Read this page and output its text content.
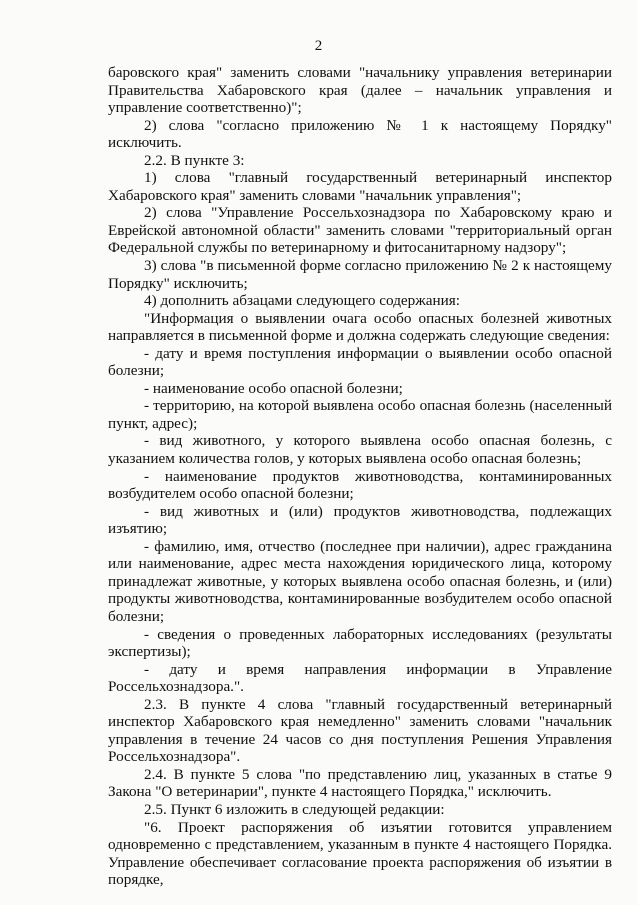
2

баровского края" заменить словами "начальнику управления ветеринарии Правительства Хабаровского края (далее – начальник управления и управление соответственно)";

2) слова "согласно приложению № 1 к настоящему Порядку" исключить.

2.2. В пункте 3:

1) слова "главный государственный ветеринарный инспектор Хабаровского края" заменить словами "начальник управления";

2) слова "Управление Россельхознадзора по Хабаровскому краю и Еврейской автономной области" заменить словами "территориальный орган Федеральной службы по ветеринарному и фитосанитарному надзору";

3) слова "в письменной форме согласно приложению № 2 к настоящему Порядку" исключить;

4) дополнить абзацами следующего содержания:

"Информация о выявлении очага особо опасных болезней животных направляется в письменной форме и должна содержать следующие сведения:

- дату и время поступления информации о выявлении особо опасной болезни;

- наименование особо опасной болезни;

- территорию, на которой выявлена особо опасная болезнь (населенный пункт, адрес);

- вид животного, у которого выявлена особо опасная болезнь, с указанием количества голов, у которых выявлена особо опасная болезнь;

- наименование продуктов животноводства, контаминированных возбудителем особо опасной болезни;

- вид животных и (или) продуктов животноводства, подлежащих изъятию;

- фамилию, имя, отчество (последнее при наличии), адрес гражданина или наименование, адрес места нахождения юридического лица, которому принадлежат животные, у которых выявлена особо опасная болезнь, и (или) продукты животноводства, контаминированные возбудителем особо опасной болезни;

- сведения о проведенных лабораторных исследованиях (результаты экспертизы);

- дату и время направления информации в Управление Россельхознадзора.".

2.3. В пункте 4 слова "главный государственный ветеринарный инспектор Хабаровского края немедленно" заменить словами "начальник управления в течение 24 часов со дня поступления Решения Управления Россельхознадзора".

2.4. В пункте 5 слова "по представлению лиц, указанных в статье 9 Закона "О ветеринарии", пункте 4 настоящего Порядка," исключить.

2.5. Пункт 6 изложить в следующей редакции:

"6. Проект распоряжения об изъятии готовится управлением одновременно с представлением, указанным в пункте 4 настоящего Порядка. Управление обеспечивает согласование проекта распоряжения об изъятии в порядке,
